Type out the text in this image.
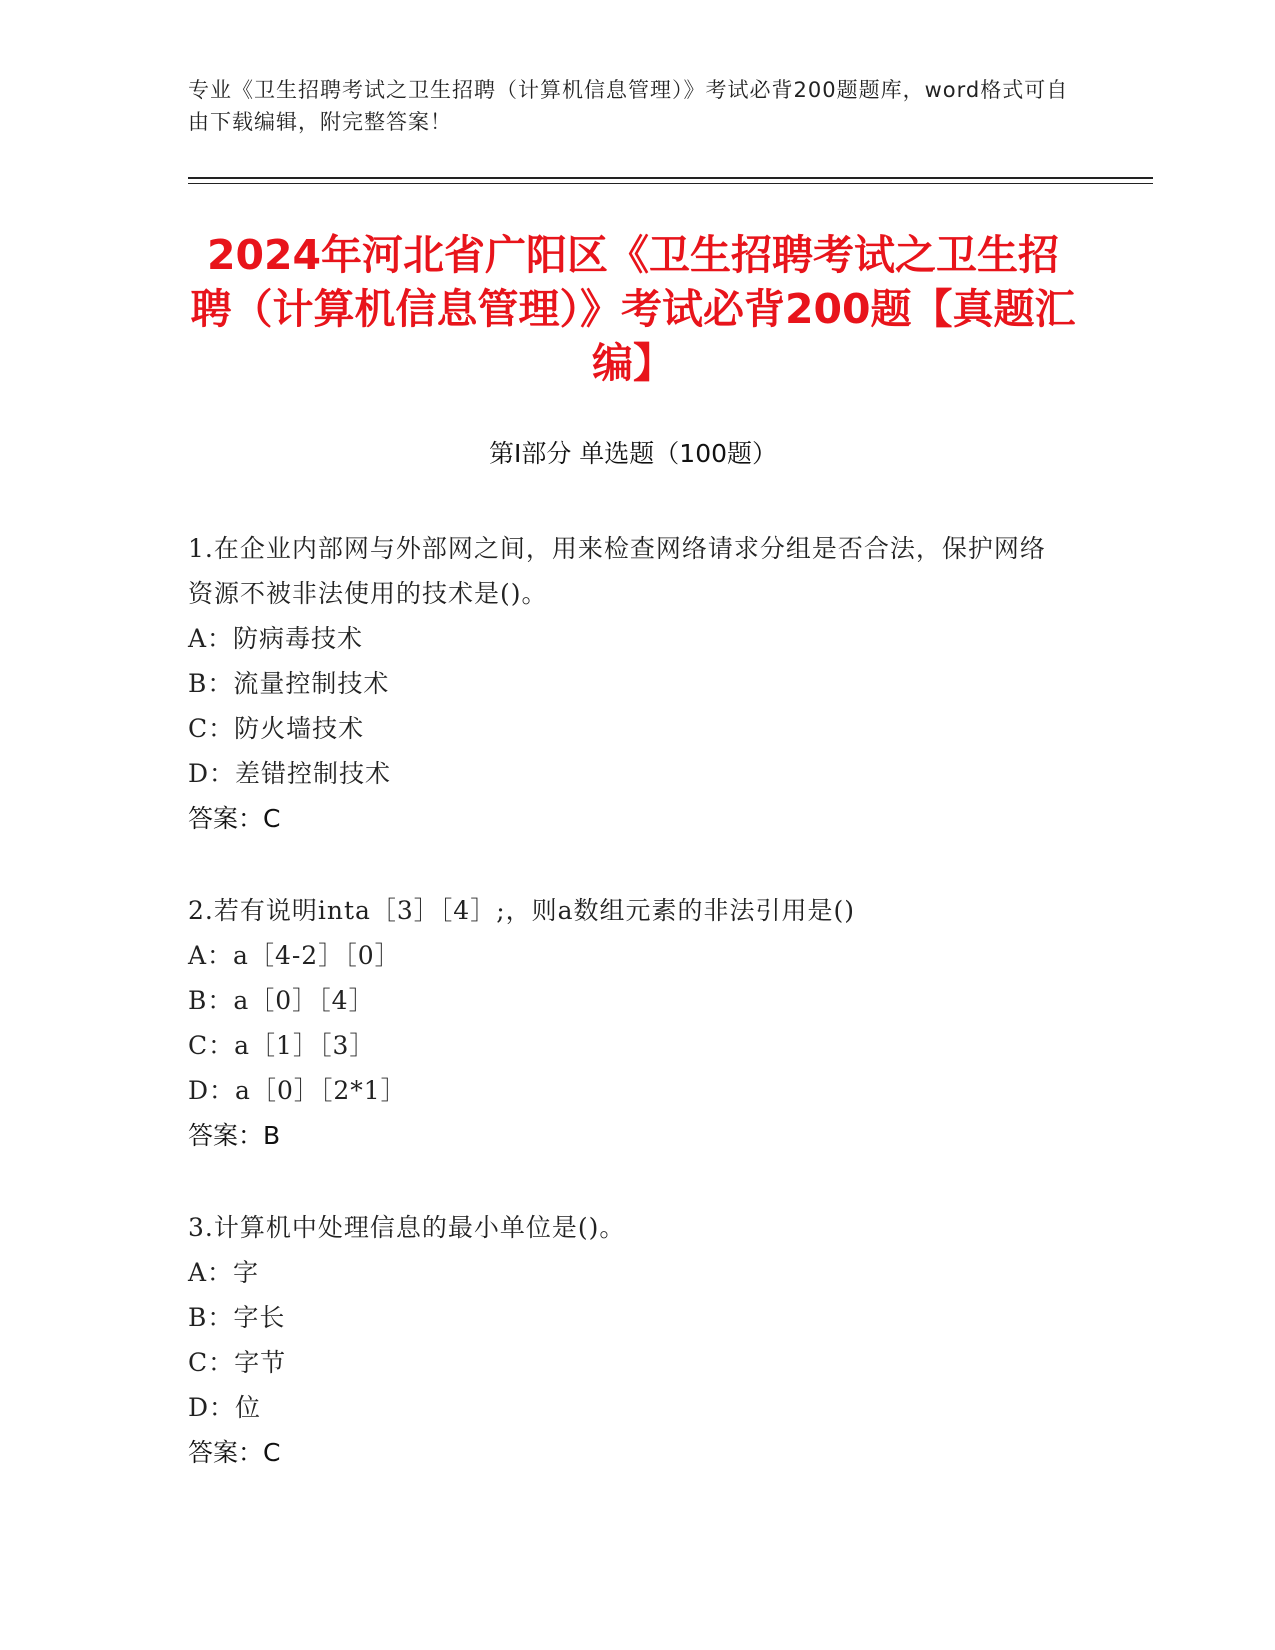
专业《卫生招聘考试之卫生招聘（计算机信息管理）》考试必背200题题库，word格式可自由下载编辑，附完整答案！
2024年河北省广阳区《卫生招聘考试之卫生招聘（计算机信息管理）》考试必背200题【真题汇编】
第Ⅰ部分 单选题（100题）
1.在企业内部网与外部网之间，用来检查网络请求分组是否合法，保护网络资源不被非法使用的技术是()。
A：防病毒技术
B：流量控制技术
C：防火墙技术
D：差错控制技术
答案：C
2.若有说明inta［3］［4］;，则a数组元素的非法引用是()
A：a［4-2］［0］
B：a［0］［4］
C：a［1］［3］
D：a［0］［2*1］
答案：B
3.计算机中处理信息的最小单位是()。
A：字
B：字长
C：字节
D：位
答案：C
